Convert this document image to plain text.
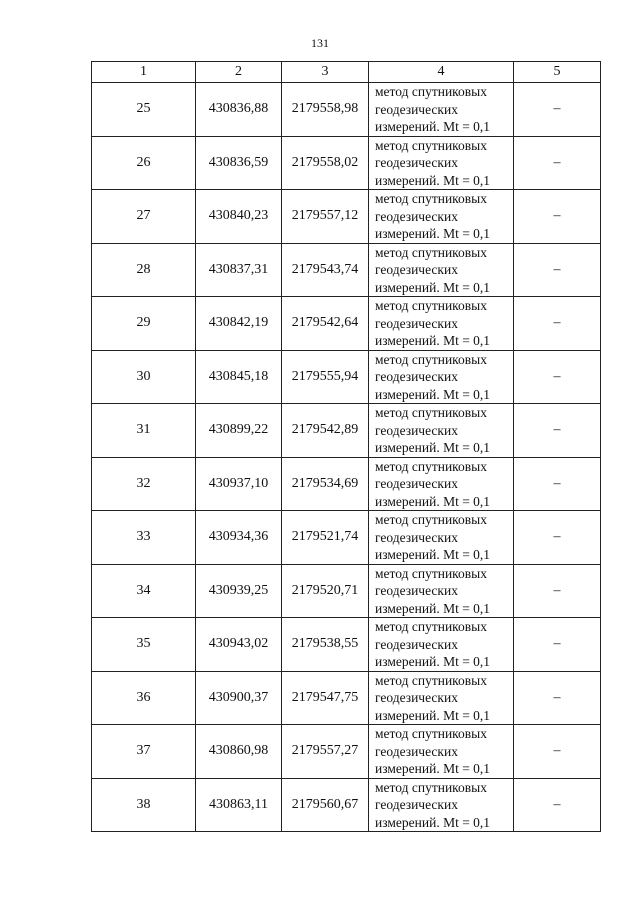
131
1	2	3	4	5
25	430836,88	2179558,98	метод спутниковых
геодезических
измерений. Mt = 0,1	–
26	430836,59	2179558,02	метод спутниковых
геодезических
измерений. Mt = 0,1	–
27	430840,23	2179557,12	метод спутниковых
геодезических
измерений. Mt = 0,1	–
28	430837,31	2179543,74	метод спутниковых
геодезических
измерений. Mt = 0,1	–
29	430842,19	2179542,64	метод спутниковых
геодезических
измерений. Mt = 0,1	–
30	430845,18	2179555,94	метод спутниковых
геодезических
измерений. Mt = 0,1	–
31	430899,22	2179542,89	метод спутниковых
геодезических
измерений. Mt = 0,1	–
32	430937,10	2179534,69	метод спутниковых
геодезических
измерений. Mt = 0,1	–
33	430934,36	2179521,74	метод спутниковых
геодезических
измерений. Mt = 0,1	–
34	430939,25	2179520,71	метод спутниковых
геодезических
измерений. Mt = 0,1	–
35	430943,02	2179538,55	метод спутниковых
геодезических
измерений. Mt = 0,1	–
36	430900,37	2179547,75	метод спутниковых
геодезических
измерений. Mt = 0,1	–
37	430860,98	2179557,27	метод спутниковых
геодезических
измерений. Mt = 0,1	–
38	430863,11	2179560,67	метод спутниковых
геодезических
измерений. Mt = 0,1	–
